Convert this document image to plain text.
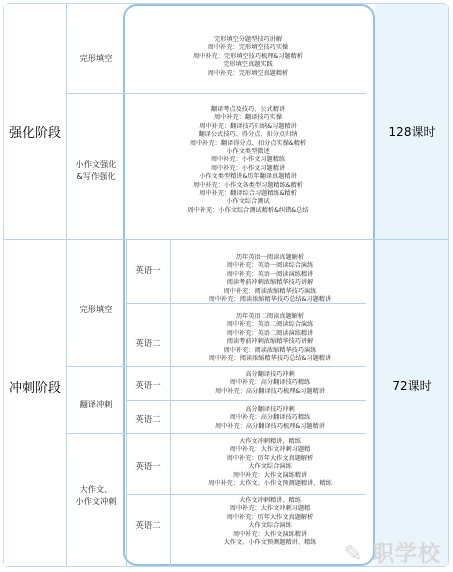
强化阶段
冲刺阶段
128课时
72课时
完形填空
小作文强化
&写作强化
完形填空
翻译冲刺
大作文、
小作文冲刺
英语一
英语二
英语一
英语二
英语一
英语二
完形填空分题型技巧讲解
周中补充：完形填空技巧实操
周中补充：完形填空技巧梳理&习题精析
完形填空真题实践
周中补充：完形填空真题精析
翻译考点及技巧、公式精讲
周中补充：翻译技巧实操
周中补充：翻译技巧归纳&习题精讲
翻译公式技巧、得分点、扣分点归纳
周中补充：翻译得分点、扣分点实操&精析
小作文类型微述
周中补充：小作文习题精练
周中补充：小作文习题精讲
小作文类型精讲&历年翻译真题精讲
周中补充：小作文各类型习题精练&精析
周中补充：翻译综合习题精练&精析
小作文综合测试
周中补充：小作文综合测试精析&纠错&总结
历年英语一阅读真题解析
周中补充：英语一阅读综合演练
周中补充：英语一阅读演练精讲
阅读考前冲刺浓缩精华技巧讲解
周中补充：阅读浓缩精华技巧演练
周中补充：阅读浓缩精华技巧总结&习题精讲
历年英语二阅读真题解析
周中补充：英语二阅读综合演练
周中补充：英语二阅读演练精讲
阅读考前冲刺浓缩精华技巧讲解
周中补充：阅读浓缩精华技巧演练
周中补充：阅读浓缩精华技巧总结&习题精讲
高分翻译技巧冲刺
周中补充：高分翻译技巧精练
周中补充：高分翻译技巧梳理&习题精讲
高分翻译技巧冲刺
周中补充：高分翻译技巧精练
周中补充：高分翻译技巧梳理&习题精讲
大作文冲刺精讲、精练
周中补充：大作文冲刺习题精
周中补充：历年大作文真题解析
大作文综合演练
周中补充：大作文演练精讲
周中补充：大作文、小作文预测题精讲、精练
大作文冲刺精讲、精练
周中补充：大作文冲刺习题精
周中补充：历年大作文真题解析
大作文综合演练
周中补充：大作文演练精讲
大作文、小作文预测题精讲、精练	✎ 职学校
